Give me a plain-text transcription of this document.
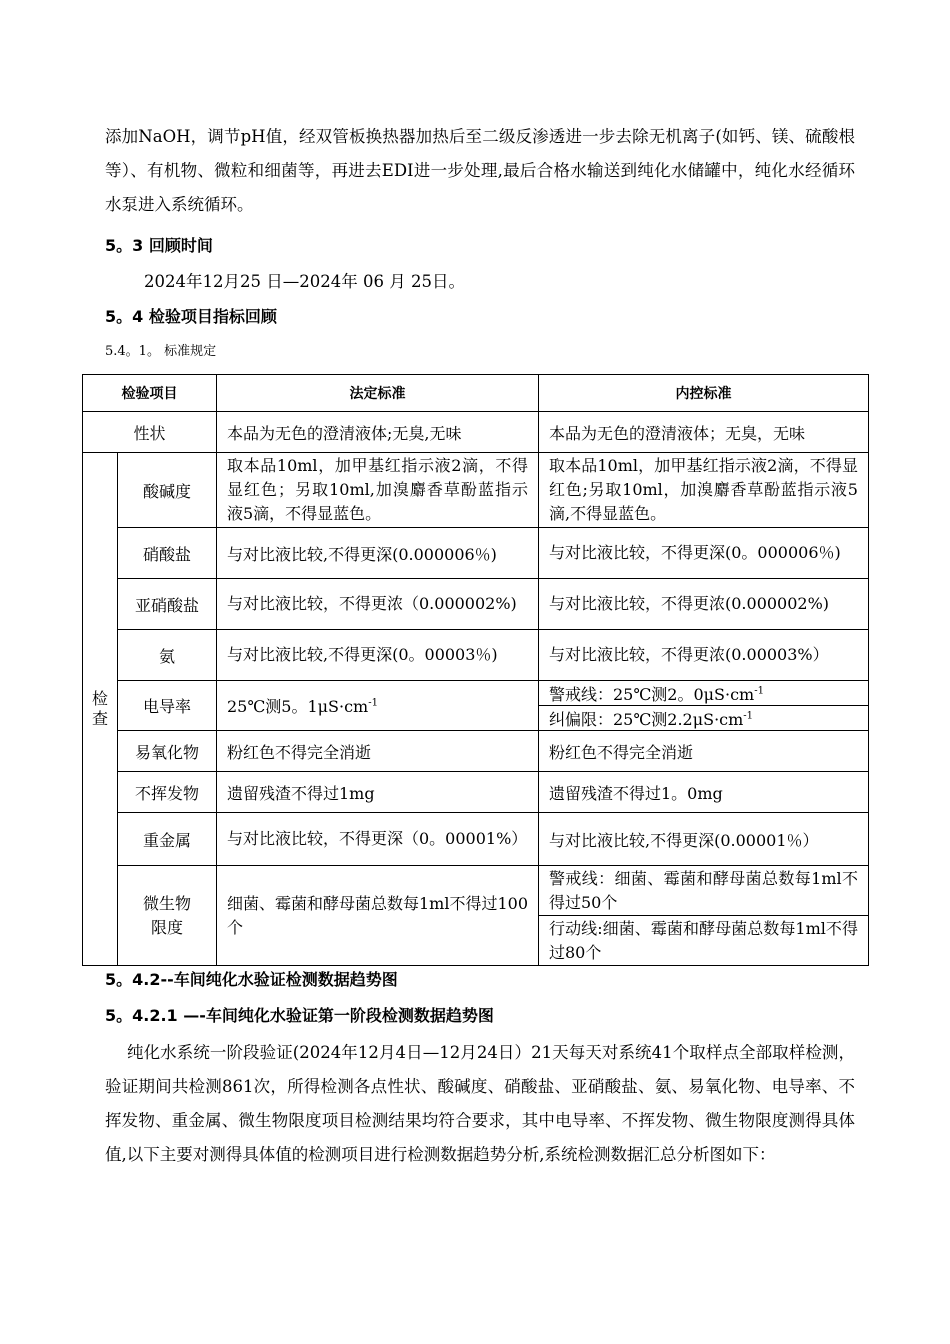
添加NaOH，调节pH值，经双管板换热器加热后至二级反渗透进一步去除无机离子(如钙、镁、硫酸根等）、有机物、微粒和细菌等，再进去EDI进一步处理,最后合格水输送到纯化水储罐中，纯化水经循环水泵进入系统循环。

5。3 回顾时间

2024年12月25 日—2024年 06 月 25日。

5。4 检验项目指标回顾

5.4。1。 标准规定

检验项目		法定标准	内控标准
性状		本品为无色的澄清液体;无臭,无味	本品为无色的澄清液体；无臭，无味
检查	酸碱度	取本品10ml，加甲基红指示液2滴，不得显红色；另取10ml,加溴麝香草酚蓝指示液5滴，不得显蓝色。	取本品10ml，加甲基红指示液2滴，不得显红色;另取10ml，加溴麝香草酚蓝指示液5滴,不得显蓝色。
	硝酸盐	与对比液比较,不得更深(0.000006％)	与对比液比较，不得更深(0。000006％)
	亚硝酸盐	与对比液比较，不得更浓（0.000002%)	与对比液比较，不得更浓(0.000002%)
	氨	与对比液比较,不得更深(0。00003％)	与对比液比较，不得更浓(0.00003%）
	电导率	25℃测5。$1\mu S\cdot cm^{-1}$	警戒线：25℃测2。$0\mu S\cdot cm^{-1}$
			纠偏限：25℃测$2.2\mu S\cdot cm^{-1}$
	易氧化物	粉红色不得完全消逝	粉红色不得完全消逝
	不挥发物	遗留残渣不得过1mg	遗留残渣不得过1。0mg
	重金属	与对比液比较，不得更深（0。00001%）	与对比液比较,不得更深(0.00001％）
	微生物限度	细菌、霉菌和酵母菌总数每1ml不得过100个	警戒线：细菌、霉菌和酵母菌总数每1ml不得过50个
			行动线:细菌、霉菌和酵母菌总数每1ml不得过80个

5。4.2--车间纯化水验证检测数据趋势图

5。4.2.1 —-车间纯化水验证第一阶段检测数据趋势图

纯化水系统一阶段验证(2024年12月4日—12月24日）21天每天对系统41个取样点全部取样检测，验证期间共检测861次，所得检测各点性状、酸碱度、硝酸盐、亚硝酸盐、氨、易氧化物、电导率、不挥发物、重金属、微生物限度项目检测结果均符合要求，其中电导率、不挥发物、微生物限度测得具体值,以下主要对测得具体值的检测项目进行检测数据趋势分析,系统检测数据汇总分析图如下：
